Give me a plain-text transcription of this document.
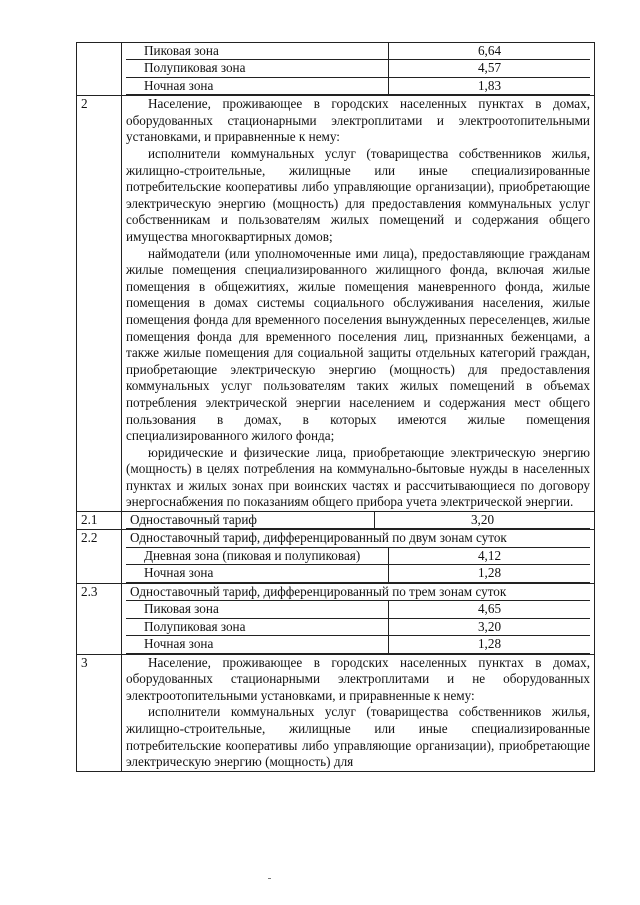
Пиковая зона	6,64
Полупиковая зона	4,57
Ночная зона	1,83

2	Население, проживающее в городских населенных пунктах в домах, оборудованных стационарными электроплитами и электроотопительными установками, и приравненные к нему:

исполнители коммунальных услуг (товарищества собственников жилья, жилищно-строительные, жилищные или иные специализированные потребительские кооперативы либо управляющие организации), приобретающие электрическую энергию (мощность) для предоставления коммунальных услуг собственникам и пользователям жилых помещений и содержания общего имущества многоквартирных домов;

наймодатели (или уполномоченные ими лица), предоставляющие гражданам жилые помещения специализированного жилищного фонда, включая жилые помещения в общежитиях, жилые помещения маневренного фонда, жилые помещения в домах системы социального обслуживания населения, жилые помещения фонда для временного поселения вынужденных переселенцев, жилые помещения фонда для временного поселения лиц, признанных беженцами, а также жилые помещения для социальной защиты отдельных категорий граждан, приобретающие электрическую энергию (мощность) для предоставления коммунальных услуг пользователям таких жилых помещений в объемах потребления электрической энергии населением и содержания мест общего пользования в домах, в которых имеются жилые помещения специализированного жилого фонда;

юридические и физические лица, приобретающие электрическую энергию (мощность) в целях потребления на коммунально-бытовые нужды в населенных пунктах и жилых зонах при воинских частях и рассчитывающиеся по договору энергоснабжения по показаниям общего прибора учета электрической энергии.

2.1	Одноставочный тариф	3,20

2.2	Одноставочный тариф, дифференцированный по двум зонам суток
Дневная зона (пиковая и полупиковая)	4,12
Ночная зона	1,28

2.3	Одноставочный тариф, дифференцированный по трем зонам суток
Пиковая зона	4,65
Полупиковая зона	3,20
Ночная зона	1,28

3	Население, проживающее в городских населенных пунктах в домах, оборудованных стационарными электроплитами и не оборудованных электроотопительными установками, и приравненные к нему:

исполнители коммунальных услуг (товарищества собственников жилья, жилищно-строительные, жилищные или иные специализированные потребительские кооперативы либо управляющие организации), приобретающие электрическую энергию (мощность) для
